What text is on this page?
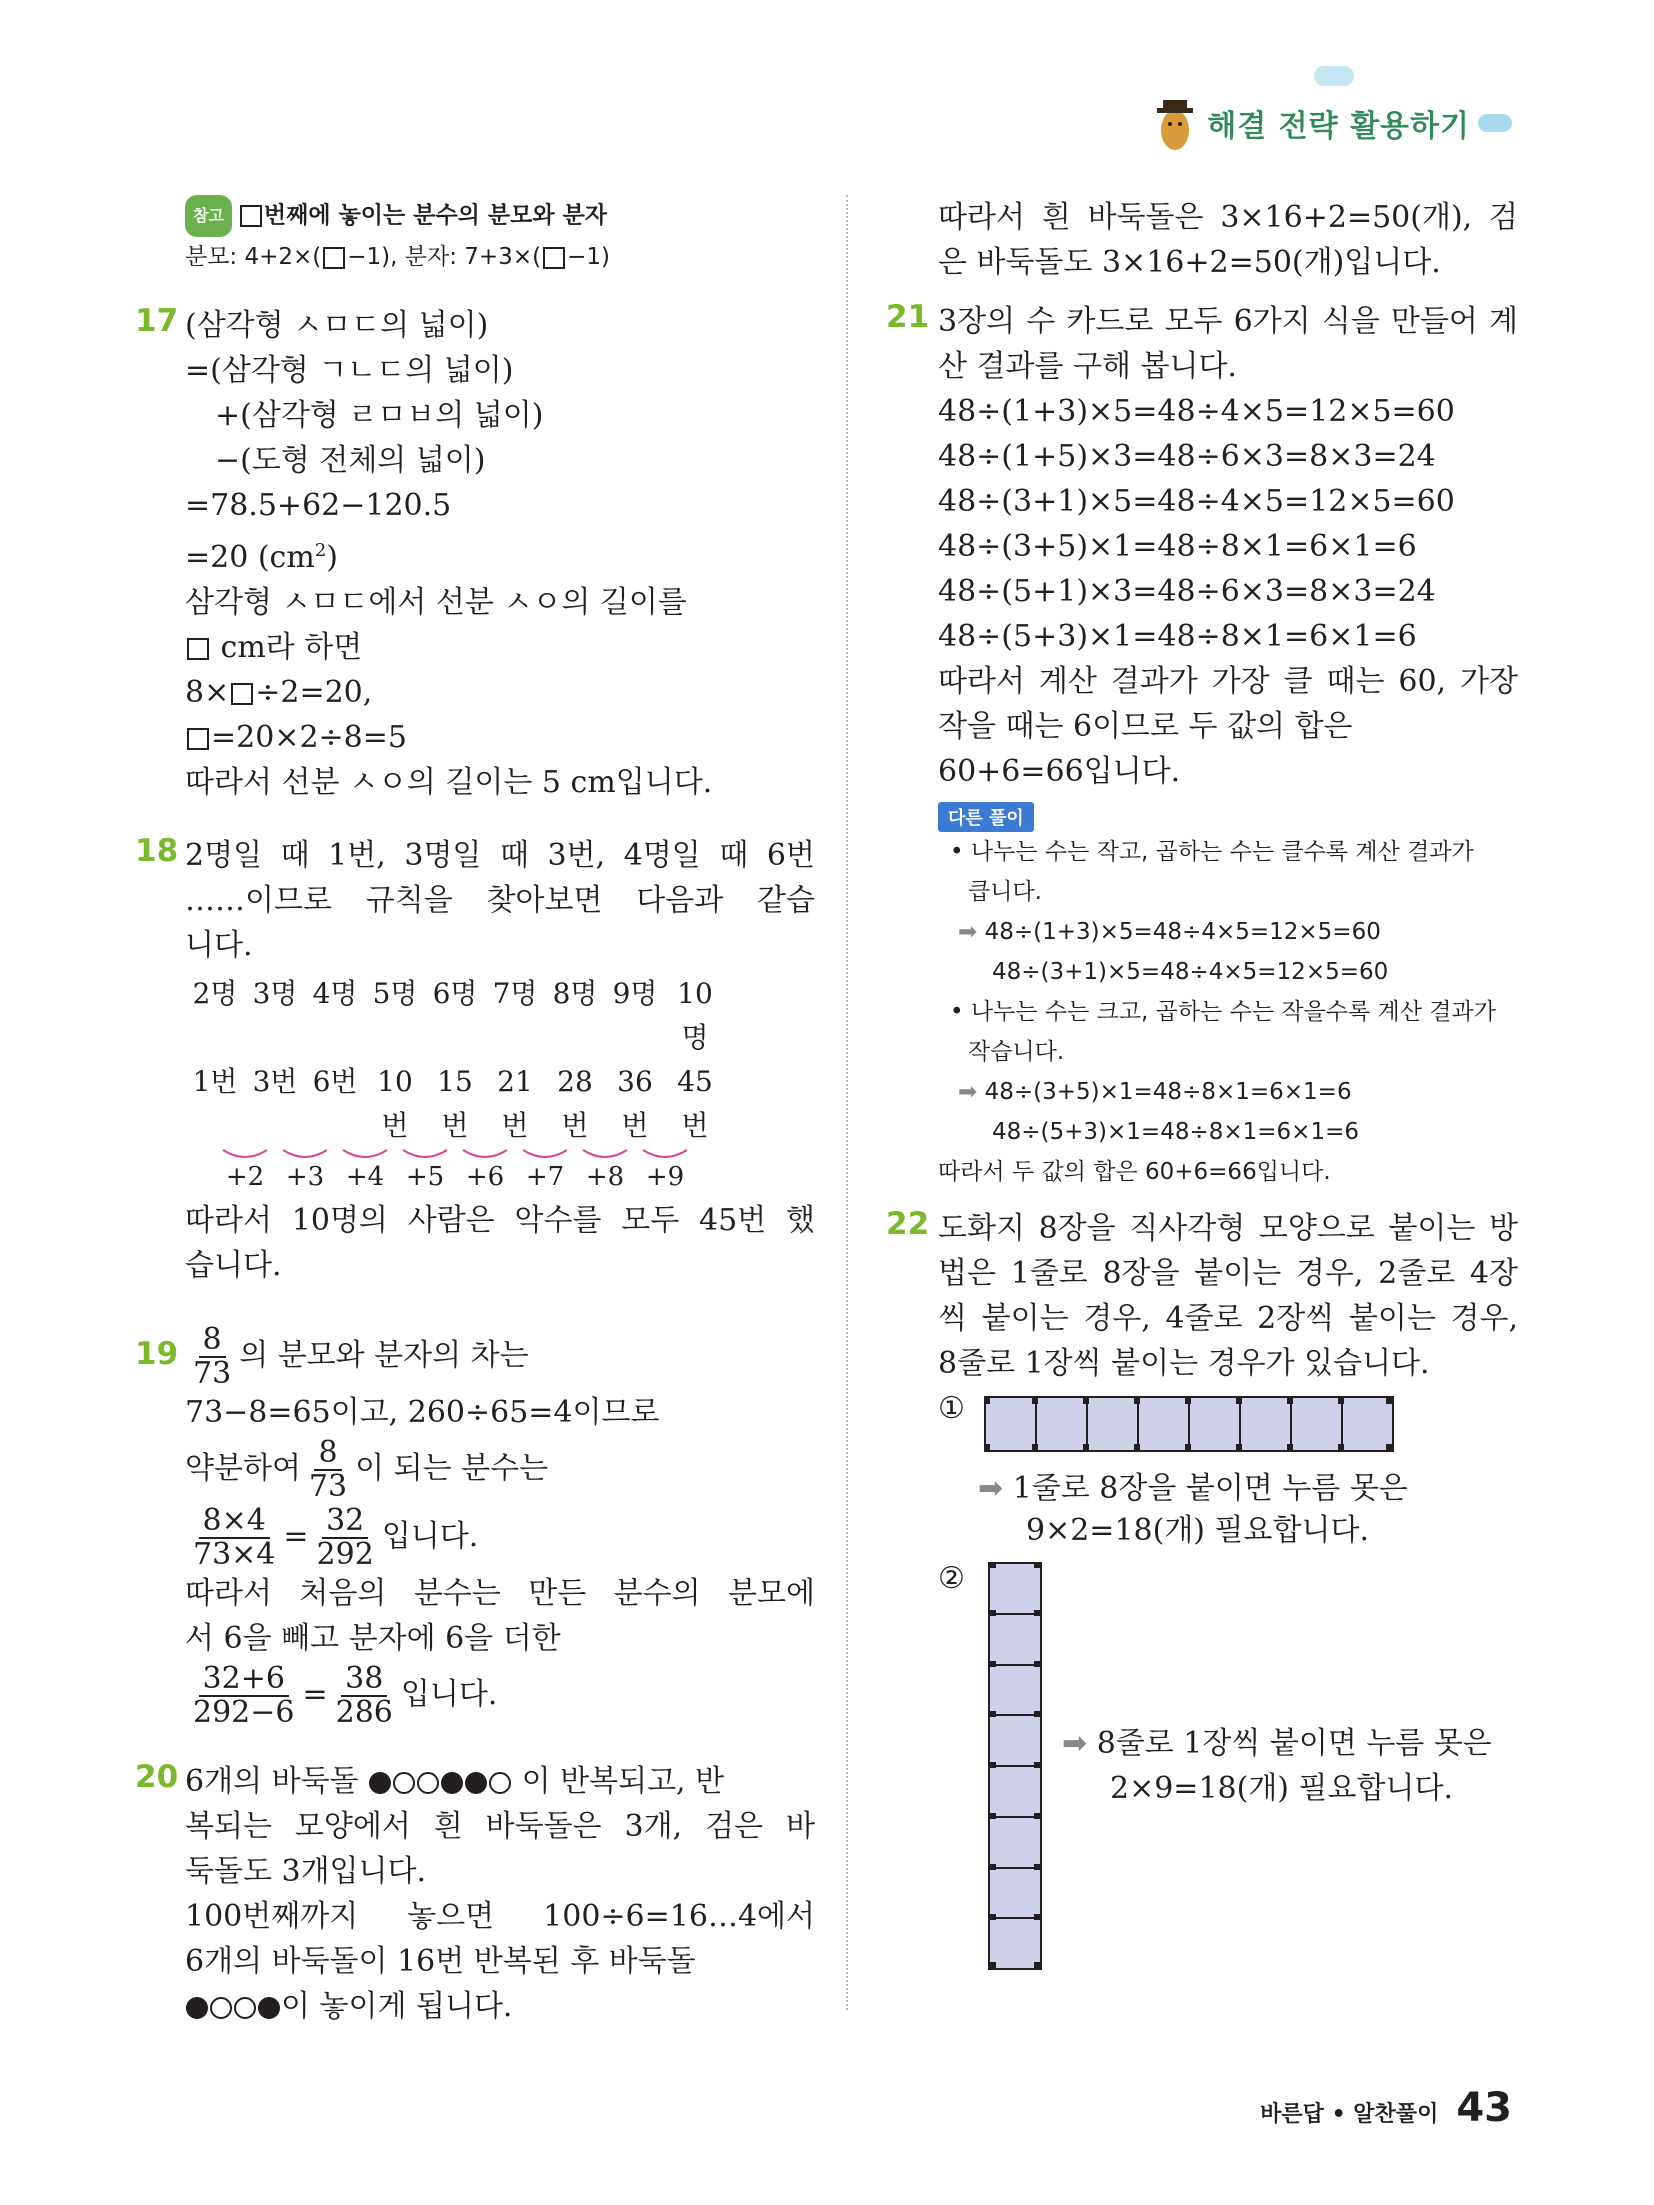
해결 전략 활용하기
참고 번째에 놓이는 분수의 분모와 분자
분모: 4+2×( −1), 분자: 7+3×( −1)
17 (삼각형 ㅅㅁㄷ의 넓이)
=(삼각형 ㄱㄴㄷ의 넓이)
+(삼각형 ㄹㅁㅂ의 넓이)
−(도형 전체의 넓이)
=78.5+62−120.5
=20 $(cm^2)$
삼각형 ㅅㅁㄷ에서 선분 ㅅㅇ의 길이를
cm라 하면
8× ÷2=20,
=20×2÷8=5
따라서 선분 ㅅㅇ의 길이는 5 cm입니다.
18 2명일 때 1번, 3명일 때 3번, 4명일 때 6번
……이므로 규칙을 찾아보면 다음과 같습
니다.
2명 3명 4명 5명 6명 7명 8명 9명 10명
1번 3번 6번 10번
15번
21번
28번
36번
45번
+2 +3 +4 +5 +6 +7 +8 +9
따라서 10명의 사람은 악수를 모두 45번 했
습니다.
$19 \frac{8}{73}$ 의 분모와 분자의 차는
73−8=65이고, 260÷65=4이므로
약분하여 $\frac{8}{73}$ 이 되는 분수는
$\frac{8\times 4}{73\times 4} = \frac{32}{292}$ 입니다.
따라서 처음의 분수는 만든 분수의 분모에
서 6을 빼고 분자에 6을 더한
$\frac{32+6}{292-6} = \frac{38}{286}$ 입니다.
20 6개의 바둑돌	이 반복되고, 반
복되는 모양에서 흰 바둑돌은 3개, 검은 바
둑돌도 3개입니다.
100번째까지 놓으면 100÷6=16…4에서
6개의 바둑돌이 16번 반복된 후 바둑돌
이 놓이게 됩니다.
따라서 흰 바둑돌은 3×16+2=50(개), 검
은 바둑돌도 3×16+2=50(개)입니다.
21 3장의 수 카드로 모두 6가지 식을 만들어 계
산 결과를 구해 봅니다.
48÷(1+3)×5=48÷4×5=12×5=60
48÷(1+5)×3=48÷6×3=8×3=24
48÷(3+1)×5=48÷4×5=12×5=60
48÷(3+5)×1=48÷8×1=6×1=6
48÷(5+1)×3=48÷6×3=8×3=24
48÷(5+3)×1=48÷8×1=6×1=6
따라서 계산 결과가 가장 클 때는 60, 가장
작을 때는 6이므로 두 값의 합은
60+6=66입니다.
다른 풀이
• 나누는 수는 작고, 곱하는 수는 클수록 계산 결과가
큽니다.
➡ 48÷(1+3)×5=48÷4×5=12×5=60
48÷(3+1)×5=48÷4×5=12×5=60
• 나누는 수는 크고, 곱하는 수는 작을수록 계산 결과가
작습니다.
➡ 48÷(3+5)×1=48÷8×1=6×1=6
48÷(5+3)×1=48÷8×1=6×1=6
따라서 두 값의 합은 60+6=66입니다.
22 도화지 8장을 직사각형 모양으로 붙이는 방
법은 1줄로 8장을 붙이는 경우, 2줄로 4장
씩 붙이는 경우, 4줄로 2장씩 붙이는 경우,
8줄로 1장씩 붙이는 경우가 있습니다.
①
➡ 1줄로 8장을 붙이면 누름 못은
9×2=18(개) 필요합니다.
②
➡ 8줄로 1장씩 붙이면 누름 못은
2×9=18(개) 필요합니다.
바른답 • 알찬풀이 43
